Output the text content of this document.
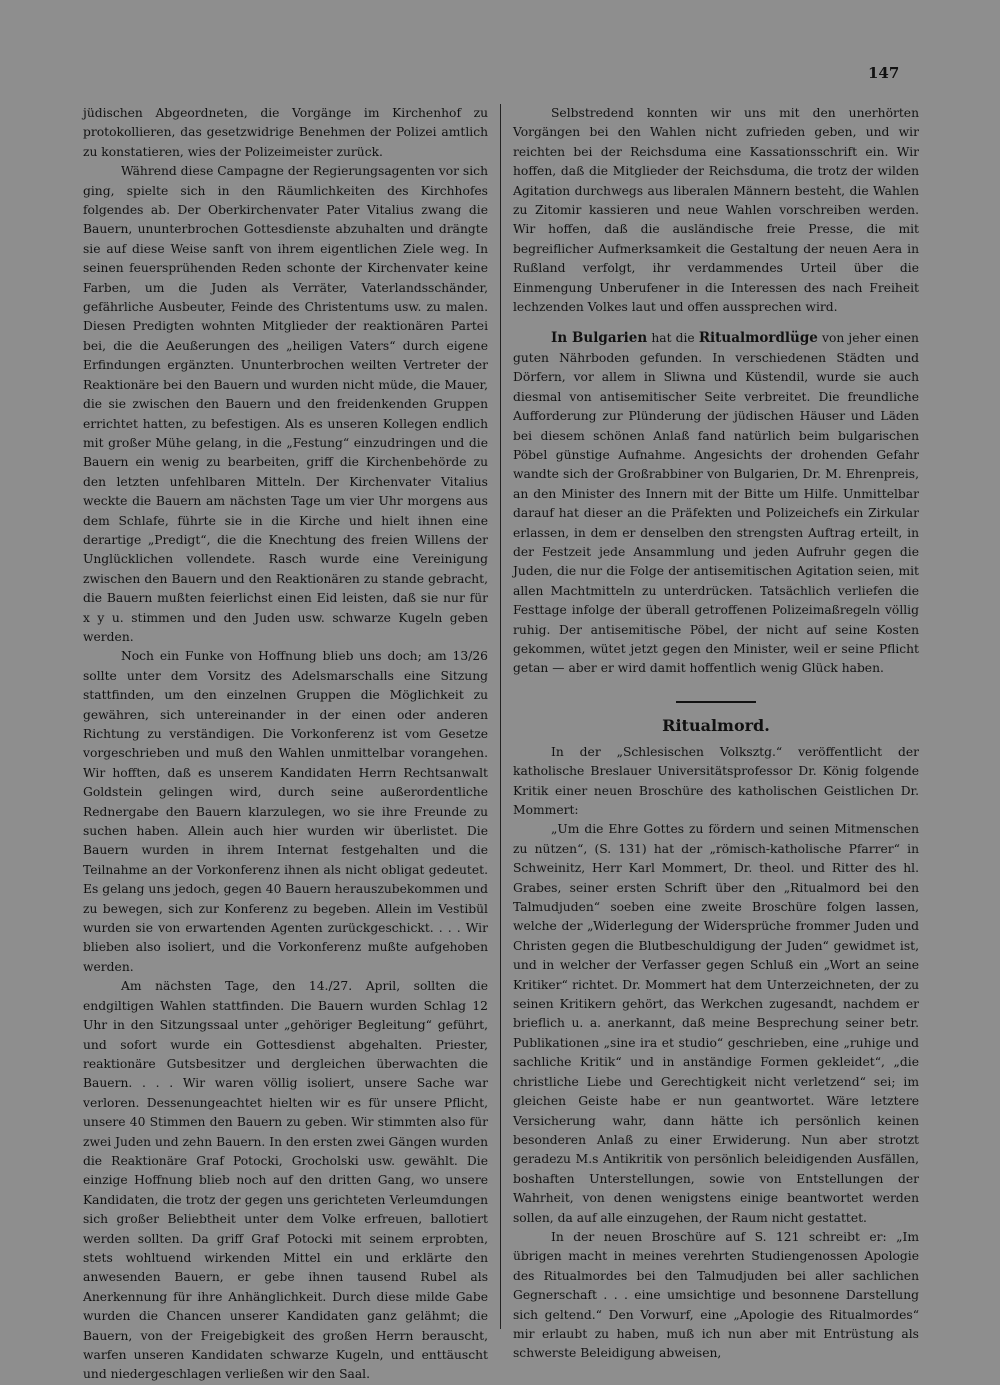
147

jüdischen Abgeordneten, die Vorgänge im Kirchenhof zu protokollieren, das gesetzwidrige Benehmen der Polizei amtlich zu konstatieren, wies der Polizeimeister zurück.

Während diese Campagne der Regierungsagenten vor sich ging, spielte sich in den Räumlichkeiten des Kirchhofes folgendes ab. Der Oberkirchenvater Pater Vitalius zwang die Bauern, ununterbrochen Gottesdienste abzuhalten und drängte sie auf diese Weise sanft von ihrem eigentlichen Ziele weg. In seinen feuersprühenden Reden schonte der Kirchenvater keine Farben, um die Juden als Verräter, Vaterlandsschänder, gefährliche Ausbeuter, Feinde des Christentums usw. zu malen. Diesen Predigten wohnten Mitglieder der reaktionären Partei bei, die die Aeußerungen des „heiligen Vaters“ durch eigene Erfindungen ergänzten. Ununterbrochen weilten Vertreter der Reaktionäre bei den Bauern und wurden nicht müde, die Mauer, die sie zwischen den Bauern und den freidenkenden Gruppen errichtet hatten, zu befestigen. Als es unseren Kollegen endlich mit großer Mühe gelang, in die „Festung“ einzudringen und die Bauern ein wenig zu bearbeiten, griff die Kirchenbehörde zu den letzten unfehlbaren Mitteln. Der Kirchenvater Vitalius weckte die Bauern am nächsten Tage um vier Uhr morgens aus dem Schlafe, führte sie in die Kirche und hielt ihnen eine derartige „Predigt“, die die Knechtung des freien Willens der Unglücklichen vollendete. Rasch wurde eine Vereinigung zwischen den Bauern und den Reaktionären zu stande gebracht, die Bauern mußten feierlichst einen Eid leisten, daß sie nur für x y u. stimmen und den Juden usw. schwarze Kugeln geben werden.

Noch ein Funke von Hoffnung blieb uns doch; am 13/26 sollte unter dem Vorsitz des Adelsmarschalls eine Sitzung stattfinden, um den einzelnen Gruppen die Möglichkeit zu gewähren, sich untereinander in der einen oder anderen Richtung zu verständigen. Die Vorkonferenz ist vom Gesetze vorgeschrieben und muß den Wahlen unmittelbar vorangehen. Wir hofften, daß es unserem Kandidaten Herrn Rechtsanwalt Goldstein gelingen wird, durch seine außerordentliche Rednergabe den Bauern klarzulegen, wo sie ihre Freunde zu suchen haben. Allein auch hier wurden wir überlistet. Die Bauern wurden in ihrem Internat festgehalten und die Teilnahme an der Vorkonferenz ihnen als nicht obligat gedeutet. Es gelang uns jedoch, gegen 40 Bauern herauszubekommen und zu bewegen, sich zur Konferenz zu begeben. Allein im Vestibül wurden sie von erwartenden Agenten zurückgeschickt. . . . Wir blieben also isoliert, und die Vorkonferenz mußte aufgehoben werden.

Am nächsten Tage, den 14./27. April, sollten die endgiltigen Wahlen stattfinden. Die Bauern wurden Schlag 12 Uhr in den Sitzungssaal unter „gehöriger Begleitung“ geführt, und sofort wurde ein Gottesdienst abgehalten. Priester, reaktionäre Gutsbesitzer und dergleichen überwachten die Bauern. . . . Wir waren völlig isoliert, unsere Sache war verloren. Dessenungeachtet hielten wir es für unsere Pflicht, unsere 40 Stimmen den Bauern zu geben. Wir stimmten also für zwei Juden und zehn Bauern. In den ersten zwei Gängen wurden die Reaktionäre Graf Potocki, Grocholski usw. gewählt. Die einzige Hoffnung blieb noch auf den dritten Gang, wo unsere Kandidaten, die trotz der gegen uns gerichteten Verleumdungen sich großer Beliebtheit unter dem Volke erfreuen, ballotiert werden sollten. Da griff Graf Potocki mit seinem erprobten, stets wohltuend wirkenden Mittel ein und erklärte den anwesenden Bauern, er gebe ihnen tausend Rubel als Anerkennung für ihre Anhänglichkeit. Durch diese milde Gabe wurden die Chancen unserer Kandidaten ganz gelähmt; die Bauern, von der Freigebigkeit des großen Herrn berauscht, warfen unseren Kandidaten schwarze Kugeln, und enttäuscht und niedergeschlagen verließen wir den Saal.

Selbstredend konnten wir uns mit den unerhörten Vorgängen bei den Wahlen nicht zufrieden geben, und wir reichten bei der Reichsduma eine Kassationsschrift ein. Wir hoffen, daß die Mitglieder der Reichsduma, die trotz der wilden Agitation durchwegs aus liberalen Männern besteht, die Wahlen zu Zitomir kassieren und neue Wahlen vorschreiben werden. Wir hoffen, daß die ausländische freie Presse, die mit begreiflicher Aufmerksamkeit die Gestaltung der neuen Aera in Rußland verfolgt, ihr verdammendes Urteil über die Einmengung Unberufener in die Interessen des nach Freiheit lechzenden Volkes laut und offen aussprechen wird.

In Bulgarien hat die Ritualmordlüge von jeher einen guten Nährboden gefunden. In verschiedenen Städten und Dörfern, vor allem in Sliwna und Küstendil, wurde sie auch diesmal von antisemitischer Seite verbreitet. Die freundliche Aufforderung zur Plünderung der jüdischen Häuser und Läden bei diesem schönen Anlaß fand natürlich beim bulgarischen Pöbel günstige Aufnahme. Angesichts der drohenden Gefahr wandte sich der Großrabbiner von Bulgarien, Dr. M. Ehrenpreis, an den Minister des Innern mit der Bitte um Hilfe. Unmittelbar darauf hat dieser an die Präfekten und Polizeichefs ein Zirkular erlassen, in dem er denselben den strengsten Auftrag erteilt, in der Festzeit jede Ansammlung und jeden Aufruhr gegen die Juden, die nur die Folge der antisemitischen Agitation seien, mit allen Machtmitteln zu unterdrücken. Tatsächlich verliefen die Festtage infolge der überall getroffenen Polizeimaßregeln völlig ruhig. Der antisemitische Pöbel, der nicht auf seine Kosten gekommen, wütet jetzt gegen den Minister, weil er seine Pflicht getan — aber er wird damit hoffentlich wenig Glück haben.

Ritualmord.

In der „Schlesischen Volksztg.“ veröffentlicht der katholische Breslauer Universitätsprofessor Dr. König folgende Kritik einer neuen Broschüre des katholischen Geistlichen Dr. Mommert:

„Um die Ehre Gottes zu fördern und seinen Mitmenschen zu nützen“, (S. 131) hat der „römisch-katholische Pfarrer“ in Schweinitz, Herr Karl Mommert, Dr. theol. und Ritter des hl. Grabes, seiner ersten Schrift über den „Ritualmord bei den Talmudjuden“ soeben eine zweite Broschüre folgen lassen, welche der „Widerlegung der Widersprüche frommer Juden und Christen gegen die Blutbeschuldigung der Juden“ gewidmet ist, und in welcher der Verfasser gegen Schluß ein „Wort an seine Kritiker“ richtet. Dr. Mommert hat dem Unterzeichneten, der zu seinen Kritikern gehört, das Werkchen zugesandt, nachdem er brieflich u. a. anerkannt, daß meine Besprechung seiner betr. Publikationen „sine ira et studio“ geschrieben, eine „ruhige und sachliche Kritik“ und in anständige Formen gekleidet“, „die christliche Liebe und Gerechtigkeit nicht verletzend“ sei; im gleichen Geiste habe er nun geantwortet. Wäre letztere Versicherung wahr, dann hätte ich persönlich keinen besonderen Anlaß zu einer Erwiderung. Nun aber strotzt geradezu M.s Antikritik von persönlich beleidigenden Ausfällen, boshaften Unterstellungen, sowie von Entstellungen der Wahrheit, von denen wenigstens einige beantwortet werden sollen, da auf alle einzugehen, der Raum nicht gestattet.

In der neuen Broschüre auf S. 121 schreibt er: „Im übrigen macht in meines verehrten Studiengenossen Apologie des Ritualmordes bei den Talmudjuden bei aller sachlichen Gegnerschaft . . . eine umsichtige und besonnene Darstellung sich geltend.“ Den Vorwurf, eine „Apologie des Ritualmordes“ mir erlaubt zu haben, muß ich nun aber mit Entrüstung als schwerste Beleidigung abweisen,
